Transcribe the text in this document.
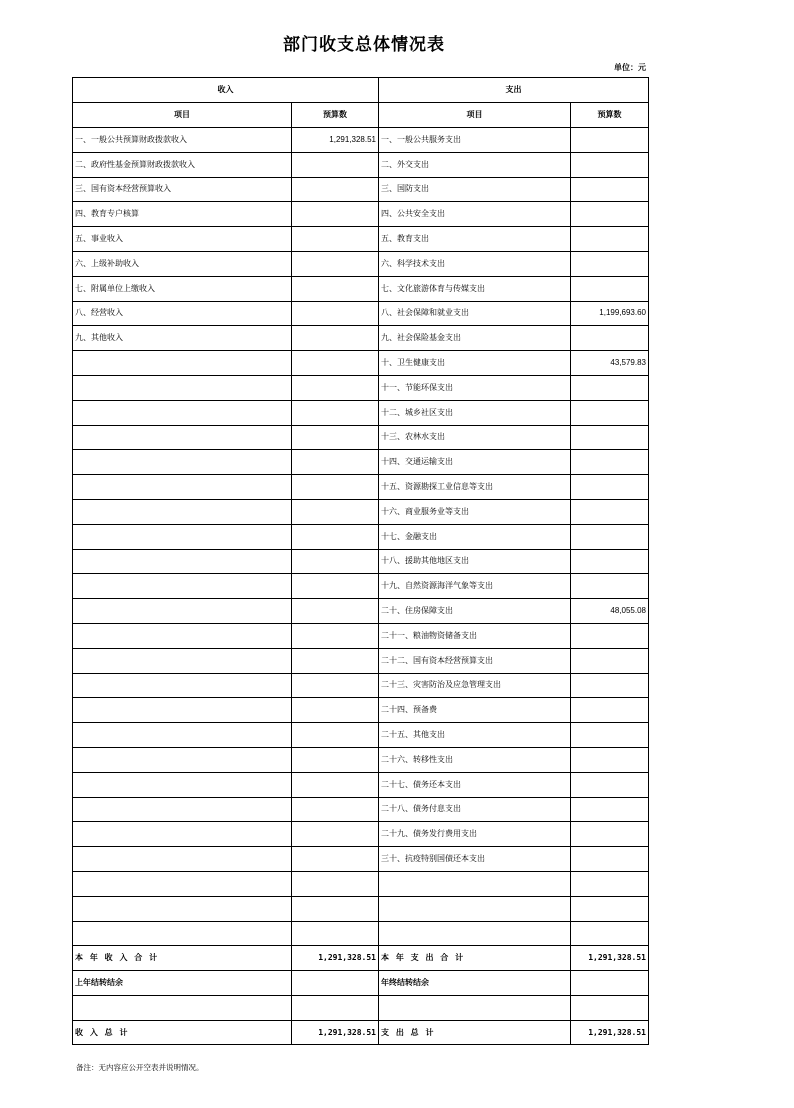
部门收支总体情况表
单位：元
收入		支出	
项目	预算数	项目	预算数
一、一般公共预算财政拨款收入	1,291,328.51	一、一般公共服务支出	
二、政府性基金预算财政拨款收入		二、外交支出	
三、国有资本经营预算收入		三、国防支出	
四、教育专户核算		四、公共安全支出	
五、事业收入		五、教育支出	
六、上级补助收入		六、科学技术支出	
七、附属单位上缴收入		七、文化旅游体育与传媒支出	
八、经营收入		八、社会保障和就业支出	1,199,693.60
九、其他收入		九、社会保险基金支出	
		十、卫生健康支出	43,579.83
		十一、节能环保支出	
		十二、城乡社区支出	
		十三、农林水支出	
		十四、交通运输支出	
		十五、资源勘探工业信息等支出	
		十六、商业服务业等支出	
		十七、金融支出	
		十八、援助其他地区支出	
		十九、自然资源海洋气象等支出	
		二十、住房保障支出	48,055.08
		二十一、粮油物资储备支出	
		二十二、国有资本经营预算支出	
		二十三、灾害防治及应急管理支出	
		二十四、预备费	
		二十五、其他支出	
		二十六、转移性支出	
		二十七、债务还本支出	
		二十八、债务付息支出	
		二十九、债务发行费用支出	
		三十、抗疫特别国债还本支出	

本 年 收 入 合 计	1,291,328.51	本 年 支 出 合 计	1,291,328.51
上年结转结余		年终结转结余	

收 入 总 计	1,291,328.51	支 出 总 计	1,291,328.51
备注：无内容应公开空表并说明情况。
